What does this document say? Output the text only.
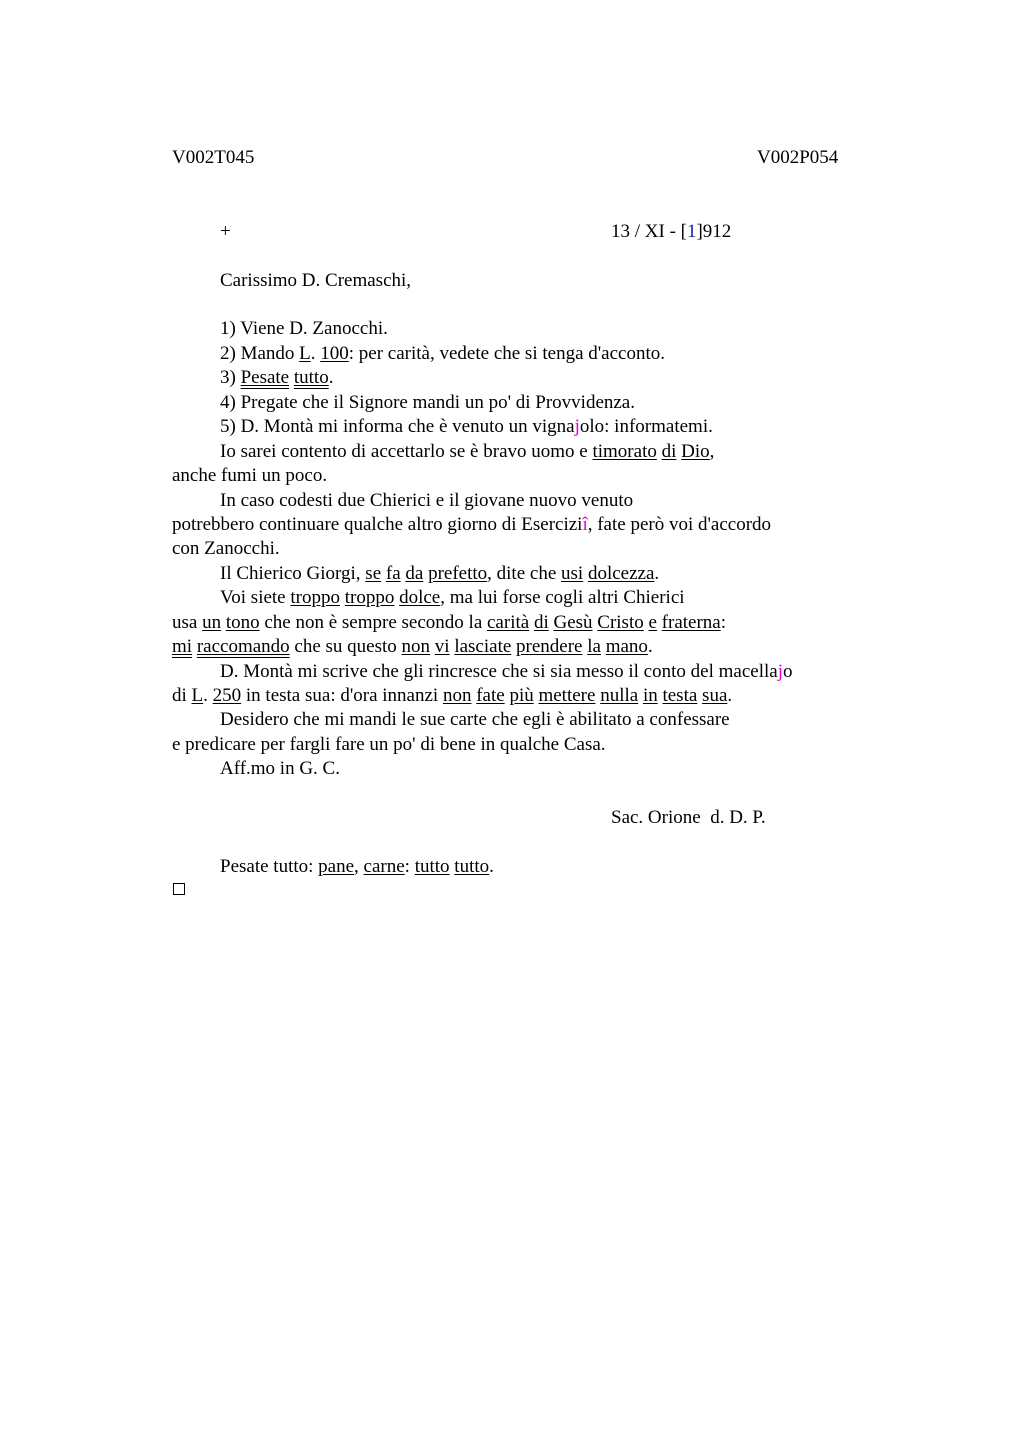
V002T045	V002P054
+	13 / XI - [1]912
Carissimo D. Cremaschi,
1) Viene D. Zanocchi.
2) Mando L. 100: per carità, vedete che si tenga d'acconto.
3) Pesate tutto.
4) Pregate che il Signore mandi un po' di Provvidenza.
5) D. Montà mi informa che è venuto un vignajolo: informatemi.
Io sarei contento di accettarlo se è bravo uomo e timorato di Dio,
anche fumi un poco.
In caso codesti due Chierici e il giovane nuovo venuto
potrebbero continuare qualche altro giorno di Eserciziî, fate però voi d'accordo
con Zanocchi.
Il Chierico Giorgi, se fa da prefetto, dite che usi dolcezza.
Voi siete troppo troppo dolce, ma lui forse cogli altri Chierici
usa un tono che non è sempre secondo la carità di Gesù Cristo e fraterna:
mi raccomando che su questo non vi lasciate prendere la mano.
D. Montà mi scrive che gli rincresce che si sia messo il conto del macellajo
di L. 250 in testa sua: d'ora innanzi non fate più mettere nulla in testa sua.
Desidero che mi mandi le sue carte che egli è abilitato a confessare
e predicare per fargli fare un po' di bene in qualche Casa.
Aff.mo in G. C.
Sac. Orione  d. D. P.
Pesate tutto: pane, carne: tutto tutto.
